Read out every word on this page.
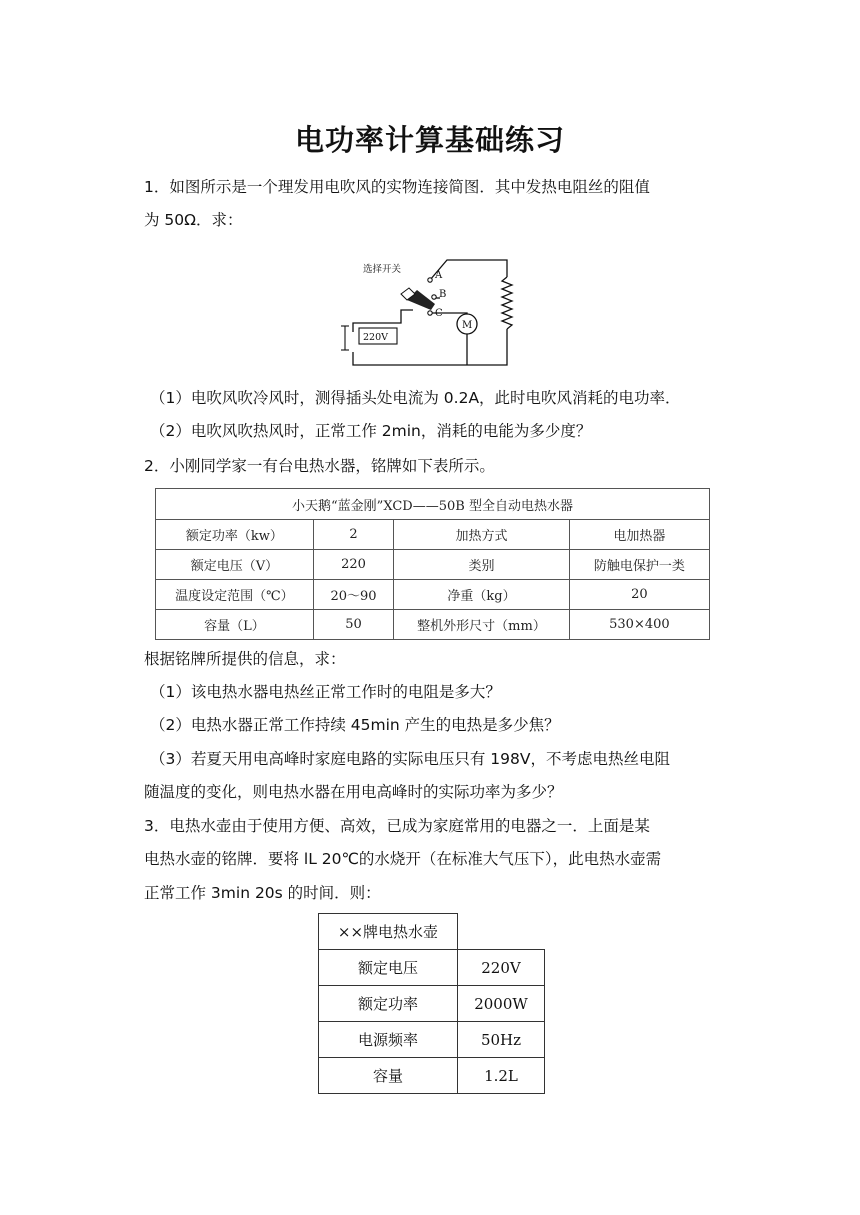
电功率计算基础练习
1．如图所示是一个理发用电吹风的实物连接简图．其中发热电阻丝的阻值
为 50Ω．求：
选择开关
A
B
C
M
220V
（1）电吹风吹冷风时，测得插头处电流为 0.2A，此时电吹风消耗的电功率．
（2）电吹风吹热风时，正常工作 2min，消耗的电能为多少度？
2．小刚同学家一有台电热水器，铭牌如下表所示。
小天鹅“蓝金刚”XCD——50B 型全自动电热水器			
额定功率（kw）	2	加热方式	电加热器
额定电压（V）	220	类别	防触电保护一类
温度设定范围（℃）	20～90	净重（kg）	20
容量（L）	50	整机外形尺寸（mm）	530×400
根据铭牌所提供的信息，求：
（1）该电热水器电热丝正常工作时的电阻是多大？
（2）电热水器正常工作持续 45min 产生的电热是多少焦？
（3）若夏天用电高峰时家庭电路的实际电压只有 198V，不考虑电热丝电阻
随温度的变化，则电热水器在用电高峰时的实际功率为多少？
3．电热水壶由于使用方便、高效，已成为家庭常用的电器之一．上面是某
电热水壶的铭牌．要将 lL 20℃的水烧开（在标准大气压下），此电热水壶需
正常工作 3min 20s 的时间．则：
××牌电热水壶	
额定电压	220V
额定功率	2000W
电源频率	50Hz
容量	1.2L
